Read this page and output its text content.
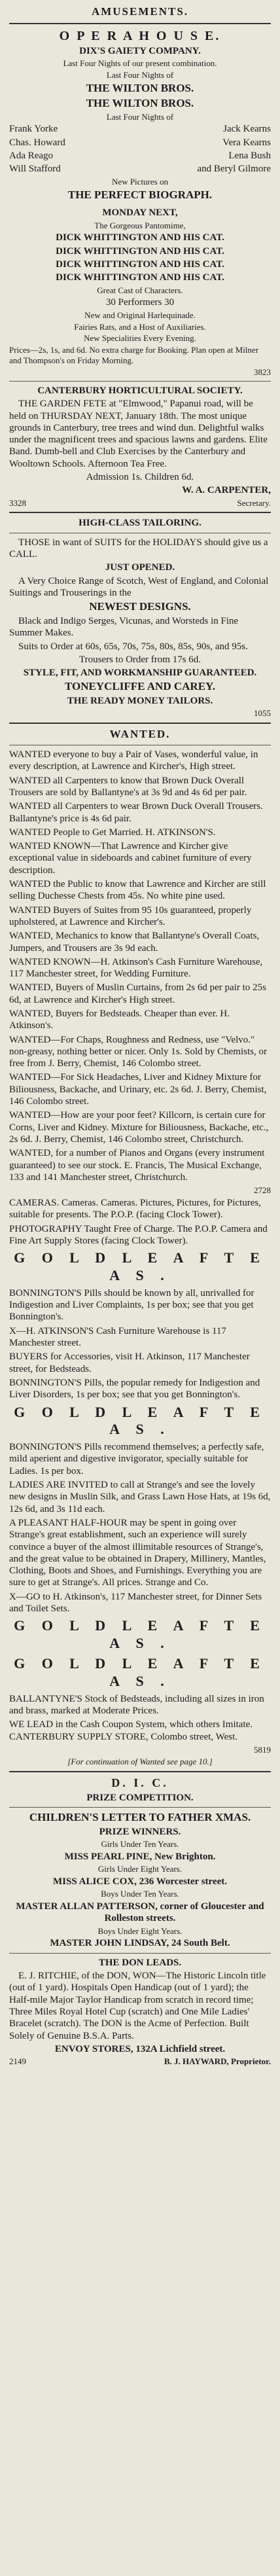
AMUSEMENTS.

O P E R A H O U S E.

DIX'S GAIETY COMPANY.

Last Four Nights of our present combination.

Last Four Nights of

THE WILTON BROS.

THE WILTON BROS.

Last Four Nights of

Frank Yorke

Chas. Howard

Ada Reago

Will Stafford

Jack Kearns

Vera Kearns

Lena Bush

and Beryl Gilmore

New Pictures on

THE PERFECT BIOGRAPH.

MONDAY NEXT,

The Gorgeous Pantomime,

DICK WHITTINGTON AND HIS CAT.

DICK WHITTINGTON AND HIS CAT.

DICK WHITTINGTON AND HIS CAT.

DICK WHITTINGTON AND HIS CAT.

Great Cast of Characters.

30 Performers 30

New and Original Harlequinade.

Fairies Rats, and a Host of Auxiliaries.

New Specialities Every Evening.

Prices—2s, 1s, and 6d. No extra charge for Booking. Plan open at Milner and Thompson's on Friday Morning.

3823

CANTERBURY HORTICULTURAL SOCIETY.

THE GARDEN FETE at "Elmwood," Papanui road, will be held on THURSDAY NEXT, January 18th. The most unique grounds in Canterbury, tree trees and wind dun. Delightful walks under the magnificent trees and spacious lawns and gardens. Elite Band. Dumb-bell and Club Exercises by the Canterbury and Wooltown Schools. Afternoon Tea Free.

Admission 1s. Children 6d.

W. A. CARPENTER,

3328	Secretary.

HIGH-CLASS TAILORING.

THOSE in want of SUITS for the HOLIDAYS should give us a CALL.

JUST OPENED.

A Very Choice Range of Scotch, West of England, and Colonial Suitings and Trouserings in the

NEWEST DESIGNS.

Black and Indigo Serges, Vicunas, and Worsteds in Fine Summer Makes.

Suits to Order at 60s, 65s, 70s, 75s, 80s, 85s, 90s, and 95s.

Trousers to Order from 17s 6d.

STYLE, FIT, AND WORKMANSHIP GUARANTEED.

TONEYCLIFFE AND CAREY.

THE READY MONEY TAILORS.

1055

WANTED.

WANTED everyone to buy a Pair of Vases, wonderful value, in every description, at Lawrence and Kircher's, High street.

WANTED all Carpenters to know that Brown Duck Overall Trousers are sold by Ballantyne's at 3s 9d and 4s 6d per pair.

WANTED all Carpenters to wear Brown Duck Overall Trousers. Ballantyne's price is 4s 6d pair.

WANTED People to Get Married. H. ATKINSON'S.

WANTED KNOWN—That Lawrence and Kircher give exceptional value in sideboards and cabinet furniture of every description.

WANTED the Public to know that Lawrence and Kircher are still selling Duchesse Chests from 45s. No white pine used.

WANTED Buyers of Suites from 95 10s guaranteed, properly upholstered, at Lawrence and Kircher's.

WANTED, Mechanics to know that Ballantyne's Overall Coats, Jumpers, and Trousers are 3s 9d each.

WANTED KNOWN—H. Atkinson's Cash Furniture Warehouse, 117 Manchester street, for Wedding Furniture.

WANTED, Buyers of Muslin Curtains, from 2s 6d per pair to 25s 6d, at Lawrence and Kircher's High street.

WANTED, Buyers for Bedsteads. Cheaper than ever. H. Atkinson's.

WANTED—For Chaps, Roughness and Redness, use "Velvo." non-greasy, nothing better or nicer. Only 1s. Sold by Chemists, or free from J. Berry, Chemist, 146 Colombo street.

WANTED—For Sick Headaches, Liver and Kidney Mixture for Biliousness, Backache, and Urinary, etc. 2s 6d. J. Berry, Chemist, 146 Colombo street.

WANTED—How are your poor feet? Killcorn, is certain cure for Corns, Liver and Kidney. Mixture for Biliousness, Backache, etc., 2s 6d. J. Berry, Chemist, 146 Colombo street, Christchurch.

WANTED, for a number of Pianos and Organs (every instrument guaranteed) to see our stock. E. Francis, The Musical Exchange, 133 and 141 Manchester street, Christchurch.

2728

CAMERAS. Cameras. Cameras. Pictures, Pictures, for Pictures, suitable for presents. The P.O.P. (facing Clock Tower).

PHOTOGRAPHY Taught Free of Charge. The P.O.P. Camera and Fine Art Supply Stores (facing Clock Tower).

G O L D L E A F T E A S .

BONNINGTON'S Pills should be known by all, unrivalled for Indigestion and Liver Complaints, 1s per box; see that you get Bonnington's.

X—H. ATKINSON'S Cash Furniture Warehouse is 117 Manchester street.

BUYERS for Accessories, visit H. Atkinson, 117 Manchester street, for Bedsteads.

BONNINGTON'S Pills, the popular remedy for Indigestion and Liver Disorders, 1s per box; see that you get Bonnington's.

G O L D L E A F T E A S .

BONNINGTON'S Pills recommend themselves; a perfectly safe, mild aperient and digestive invigorator, specially suitable for Ladies. 1s per box.

LADIES ARE INVITED to call at Strange's and see the lovely new designs in Muslin Silk, and Grass Lawn Hose Hats, at 19s 6d, 12s 6d, and 3s 11d each.

A PLEASANT HALF-HOUR may be spent in going over Strange's great establishment, such an experience will surely convince a buyer of the almost illimitable resources of Strange's, and the great value to be obtained in Drapery, Millinery, Mantles, Clothing, Boots and Shoes, and Furnishings. Everything you are sure to get at Strange's. All prices. Strange and Co.

X—GO to H. Atkinson's, 117 Manchester street, for Dinner Sets and Toilet Sets.

G O L D L E A F T E A S .

G O L D L E A F T E A S .

BALLANTYNE'S Stock of Bedsteads, including all sizes in iron and brass, marked at Moderate Prices.

WE LEAD in the Cash Coupon System, which others Imitate. CANTERBURY SUPPLY STORE, Colombo street, West.

5819

[For continuation of Wanted see page 10.]

D. I. C.

PRIZE COMPETITION.

CHILDREN'S LETTER TO FATHER XMAS.

PRIZE WINNERS.

Girls Under Ten Years.

MISS PEARL PINE, New Brighton.

Girls Under Eight Years.

MISS ALICE COX, 236 Worcester street.

Boys Under Ten Years.

MASTER ALLAN PATTERSON, corner of Gloucester and Rolleston streets.

Boys Under Eight Years.

MASTER JOHN LINDSAY, 24 South Belt.

THE DON LEADS.

E. J. RITCHIE, of the DON, WON—The Historic Lincoln title (out of 1 yard). Hospitals Open Handicap (out of 1 yard); the Half-mile Major Taylor Handicap from scratch in record time; Three Miles Royal Hotel Cup (scratch) and One Mile Ladies' Bracelet (scratch). The DON is the Acme of Perfection. Built Solely of Genuine B.S.A. Parts.

ENVOY STORES, 132A Lichfield street.

2149	B. J. HAYWARD, Proprietor.
